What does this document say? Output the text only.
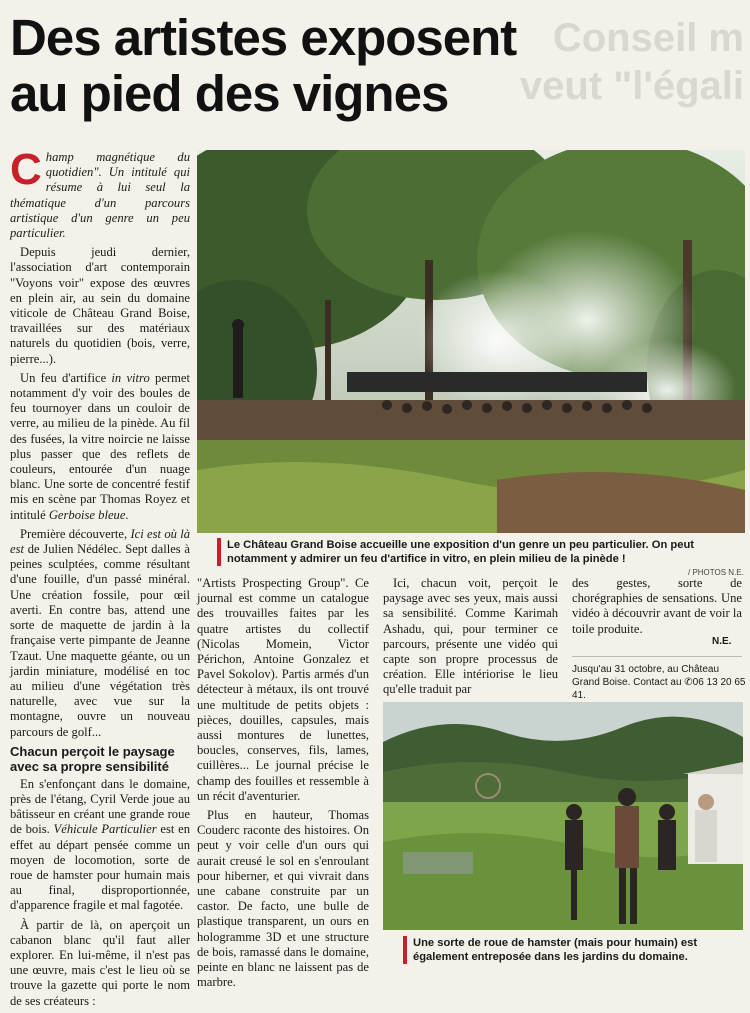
Conseil m
veut "l'égali
Des artistes exposent
au pied des vignes

Champ magnétique du quotidien". Un intitulé qui résume à lui seul la thématique d'un parcours artistique d'un genre un peu particulier.

Depuis jeudi dernier, l'association d'art contemporain "Voyons voir" expose des œuvres en plein air, au sein du domaine viticole de Château Grand Boise, travaillées sur des matériaux naturels du quotidien (bois, verre, pierre...).

Un feu d'artifice in vitro permet notamment d'y voir des boules de feu tournoyer dans un couloir de verre, au milieu de la pinède. Au fil des fusées, la vitre noircie ne laisse plus passer que des reflets de couleurs, entourée d'un nuage blanc. Une sorte de concentré festif mis en scène par Thomas Royez et intitulé Gerboise bleue.

Première découverte, Ici est où là est de Julien Nédélec. Sept dalles à peines sculptées, comme résultant d'une fouille, d'un passé minéral. Une création fossile, pour œil averti. En contre bas, attend une sorte de maquette de jardin à la française verte pimpante de Jeanne Tzaut. Une maquette géante, ou un jardin miniature, modélisé en toc au milieu d'une végétation très naturelle, avec vue sur la montagne, ouvre un nouveau parcours de golf...

Chacun perçoit le paysage avec sa propre sensibilité

En s'enfonçant dans le domaine, près de l'étang, Cyril Verde joue au bâtisseur en créant une grande roue de bois. Véhicule Particulier est en effet au départ pensée comme un moyen de locomotion, sorte de roue de hamster pour humain mais au final, disproportionnée, d'apparence fragile et mal fagotée.

À partir de là, on aperçoit un cabanon blanc qu'il faut aller explorer. En lui-même, il n'est pas une œuvre, mais c'est le lieu où se trouve la gazette qui porte le nom de ses créateurs :

Le Château Grand Boise accueille une exposition d'un genre un peu particulier. On peut notamment y admirer un feu d'artifice in vitro, en plein milieu de la pinède !
/ PHOTOS N.E.

"Artists Prospecting Group". Ce journal est comme un catalogue des trouvailles faites par les quatre artistes du collectif (Nicolas Momein, Victor Périchon, Antoine Gonzalez et Pavel Sokolov). Partis armés d'un détecteur à métaux, ils ont trouvé une multitude de petits objets : pièces, douilles, capsules, mais aussi montures de lunettes, boucles, conserves, fils, lames, cuillères... Le journal précise le champ des fouilles et ressemble à un récit d'aventurier.

Plus en hauteur, Thomas Couderc raconte des histoires. On peut y voir celle d'un ours qui aurait creusé le sol en s'enroulant pour hiberner, et qui vivrait dans une cabane construite par un castor. De facto, une bulle de plastique transparent, un ours en hologramme 3D et une structure de bois, ramassé dans le domaine, peinte en blanc ne laissent pas de marbre.

Ici, chacun voit, perçoit le paysage avec ses yeux, mais aussi sa sensibilité. Comme Karimah Ashadu, qui, pour terminer ce parcours, présente une vidéo qui capte son propre processus de création. Elle intériorise le lieu qu'elle traduit par

des gestes, sorte de chorégraphies de sensations. Une vidéo à découvrir avant de voir la toile produite.

N.E.
Jusqu'au 31 octobre, au Château
Grand Boise. Contact au ✆06 13 20 65 41.
Une sorte de roue de hamster (mais pour humain) est également entreposée dans les jardins du domaine.
